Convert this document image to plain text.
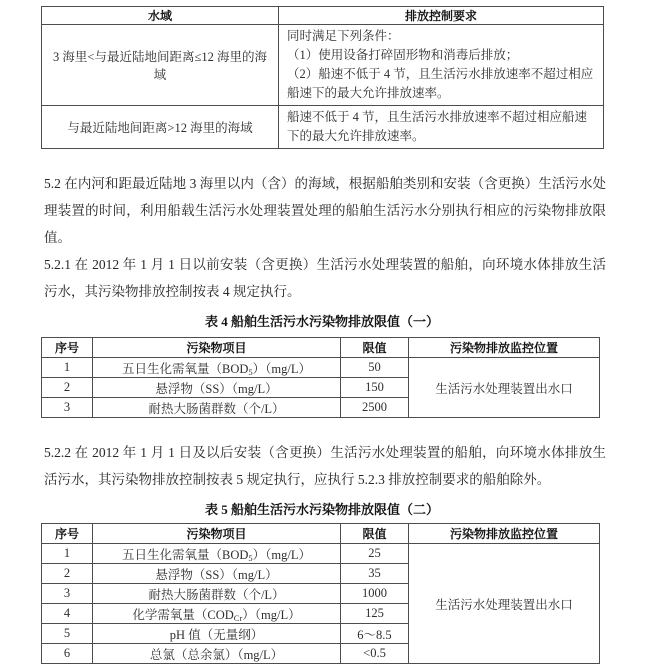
水域	排放控制要求
3 海里<与最近陆地间距离≤12 海里的海域	同时满足下列条件：
（1）使用设备打碎固形物和消毒后排放；
（2）船速不低于 4 节，且生活污水排放速率不超过相应船速下的最大允许排放速率。

与最近陆地间距离>12 海里的海域	船速不低于 4 节，且生活污水排放速率不超过相应船速下的最大允许排放速率。

5.2 在内河和距最近陆地 3 海里以内（含）的海域，根据船舶类别和安装（含更换）生活污水处理装置的时间，利用船载生活污水处理装置处理的船舶生活污水分别执行相应的污染物排放限值。

5.2.1 在 2012 年 1 月 1 日以前安装（含更换）生活污水处理装置的船舶，向环境水体排放生活污水，其污染物排放控制按表 4 规定执行。

表 4 船舶生活污水污染物排放限值（一）
序号	污染物项目	限值	污染物排放监控位置
1	五日生化需氧量$(BOD_5)(mg/L)$	50	生活污水处理装置出水口
2	悬浮物（SS）（mg/L）	150	
3	耐热大肠菌群数（个/L）	2500	

5.2.2 在 2012 年 1 月 1 日及以后安装（含更换）生活污水处理装置的船舶，向环境水体排放生活污水，其污染物排放控制按表 5 规定执行，应执行 5.2.3 排放控制要求的船舶除外。

表 5 船舶生活污水污染物排放限值（二）
序号	污染物项目	限值	污染物排放监控位置
1	五日生化需氧量$(BOD_5)(mg/L)$	25	生活污水处理装置出水口
2	悬浮物（SS）（mg/L）	35	
3	耐热大肠菌群数（个/L）	1000	
4	化学需氧量$(COD_{Cr})(mg/L)$	125	
5	pH 值（无量纲）	6～8.5	
6	总氯（总余氯）（mg/L）	<0.5	
